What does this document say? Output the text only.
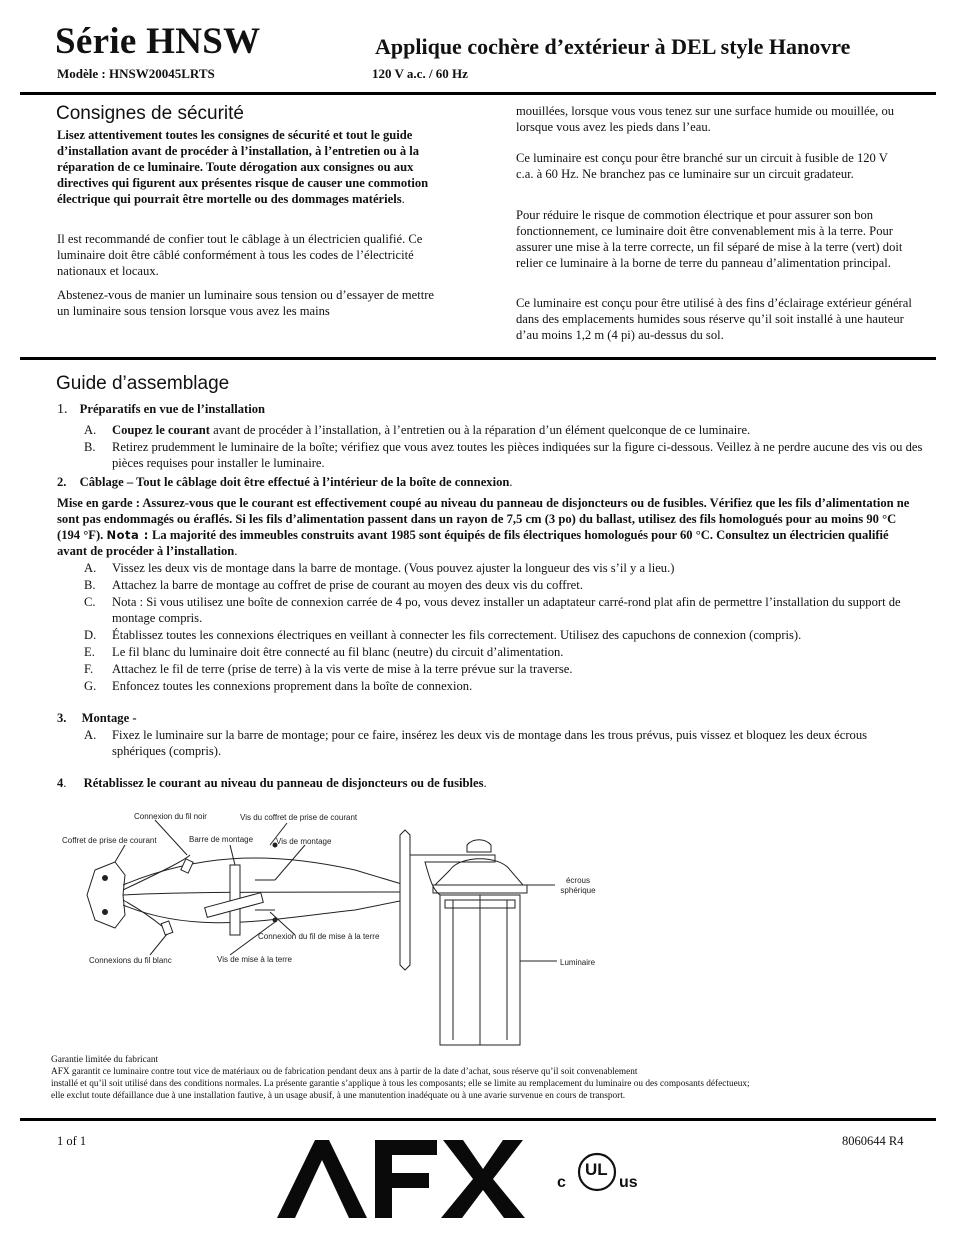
Série HNSW	Applique cochère d’extérieur à DEL style Hanovre
Modèle : HNSW20045LRTS	120 V a.c. / 60 Hz
Consignes de sécurité

Lisez attentivement toutes les consignes de sécurité et tout le guide d’installation avant de procéder à l’installation, à l’entretien ou à la réparation de ce luminaire. Toute dérogation aux consignes ou aux directives qui figurent aux présentes risque de causer une commotion électrique qui pourrait être mortelle ou des dommages matériels.

Il est recommandé de confier tout le câblage à un électricien qualifié. Ce luminaire doit être câblé conformément à tous les codes de l’électricité nationaux et locaux.

Abstenez-vous de manier un luminaire sous tension ou d’essayer de mettre un luminaire sous tension lorsque vous avez les mains

mouillées, lorsque vous vous tenez sur une surface humide ou mouillée, ou lorsque vous avez les pieds dans l’eau.

Ce luminaire est conçu pour être branché sur un circuit à fusible de 120 V c.a. à 60 Hz. Ne branchez pas ce luminaire sur un circuit gradateur.

Pour réduire le risque de commotion électrique et pour assurer son bon fonctionnement, ce luminaire doit être convenablement mis à la terre. Pour assurer une mise à la terre correcte, un fil séparé de mise à la terre (vert) doit relier ce luminaire à la borne de terre du panneau d’alimentation principal.

Ce luminaire est conçu pour être utilisé à des fins d’éclairage extérieur général dans des emplacements humides sous réserve qu’il soit installé à une hauteur d’au moins 1,2 m (4 pi) au-dessus du sol.

Guide d’assemblage
1. Préparatifs en vue de l’installation
A. Coupez le courant avant de procéder à l’installation, à l’entretien ou à la réparation d’un élément quelconque de ce luminaire.
B. Retirez prudemment le luminaire de la boîte; vérifiez que vous avez toutes les pièces indiquées sur la figure ci-dessous. Veillez à ne perdre aucune des vis ou des pièces requises pour installer le luminaire.
2. Câblage – Tout le câblage doit être effectué à l’intérieur de la boîte de connexion.

Mise en garde : Assurez-vous que le courant est effectivement coupé au niveau du panneau de disjoncteurs ou de fusibles. Vérifiez que les fils d’alimentation ne sont pas endommagés ou éraflés. Si les fils d’alimentation passent dans un rayon de 7,5 cm (3 po) du ballast, utilisez des fils homologués pour au moins 90 °C (194 °F). Nota : La majorité des immeubles construits avant 1985 sont équipés de fils électriques homologués pour 60 °C. Consultez un électricien qualifié avant de procéder à l’installation.

A. Vissez les deux vis de montage dans la barre de montage. (Vous pouvez ajuster la longueur des vis s’il y a lieu.)
B. Attachez la barre de montage au coffret de prise de courant au moyen des deux vis du coffret.
C. Nota : Si vous utilisez une boîte de connexion carrée de 4 po, vous devez installer un adaptateur carré-rond plat afin de permettre l’installation du support de montage compris.
D. Établissez toutes les connexions électriques en veillant à connecter les fils correctement. Utilisez des capuchons de connexion (compris).
E. Le fil blanc du luminaire doit être connecté au fil blanc (neutre) du circuit d’alimentation.
F. Attachez le fil de terre (prise de terre) à la vis verte de mise à la terre prévue sur la traverse.
G. Enfoncez toutes les connexions proprement dans la boîte de connexion.
3. Montage -
A. Fixez le luminaire sur la barre de montage; pour ce faire, insérez les deux vis de montage dans les trous prévus, puis vissez et bloquez les deux écrous sphériques (compris).
4. Rétablissez le courant au niveau du panneau de disjoncteurs ou de fusibles.
Connexion du fil noir	Vis du coffret de prise de courant
Coffret de prise de courant	Barre de montage	Vis de montage
écrous sphérique
Connexion du fil de mise à la terre
Connexions du fil blanc	Vis de mise à la terre	Luminaire
Garantie limitée du fabricant
AFX garantit ce luminaire contre tout vice de matériaux ou de fabrication pendant deux ans à partir de la date d’achat, sous réserve qu’il soit convenablement
installé et qu’il soit utilisé dans des conditions normales. La présente garantie s’applique à tous les composants; elle se limite au remplacement du luminaire ou des composants défectueux;
elle exclut toute défaillance due à une installation fautive, à un usage abusif, à une manutention inadéquate ou à une avarie survenue en cours de transport.
1 of 1	8060644 R4
c
UL
us
